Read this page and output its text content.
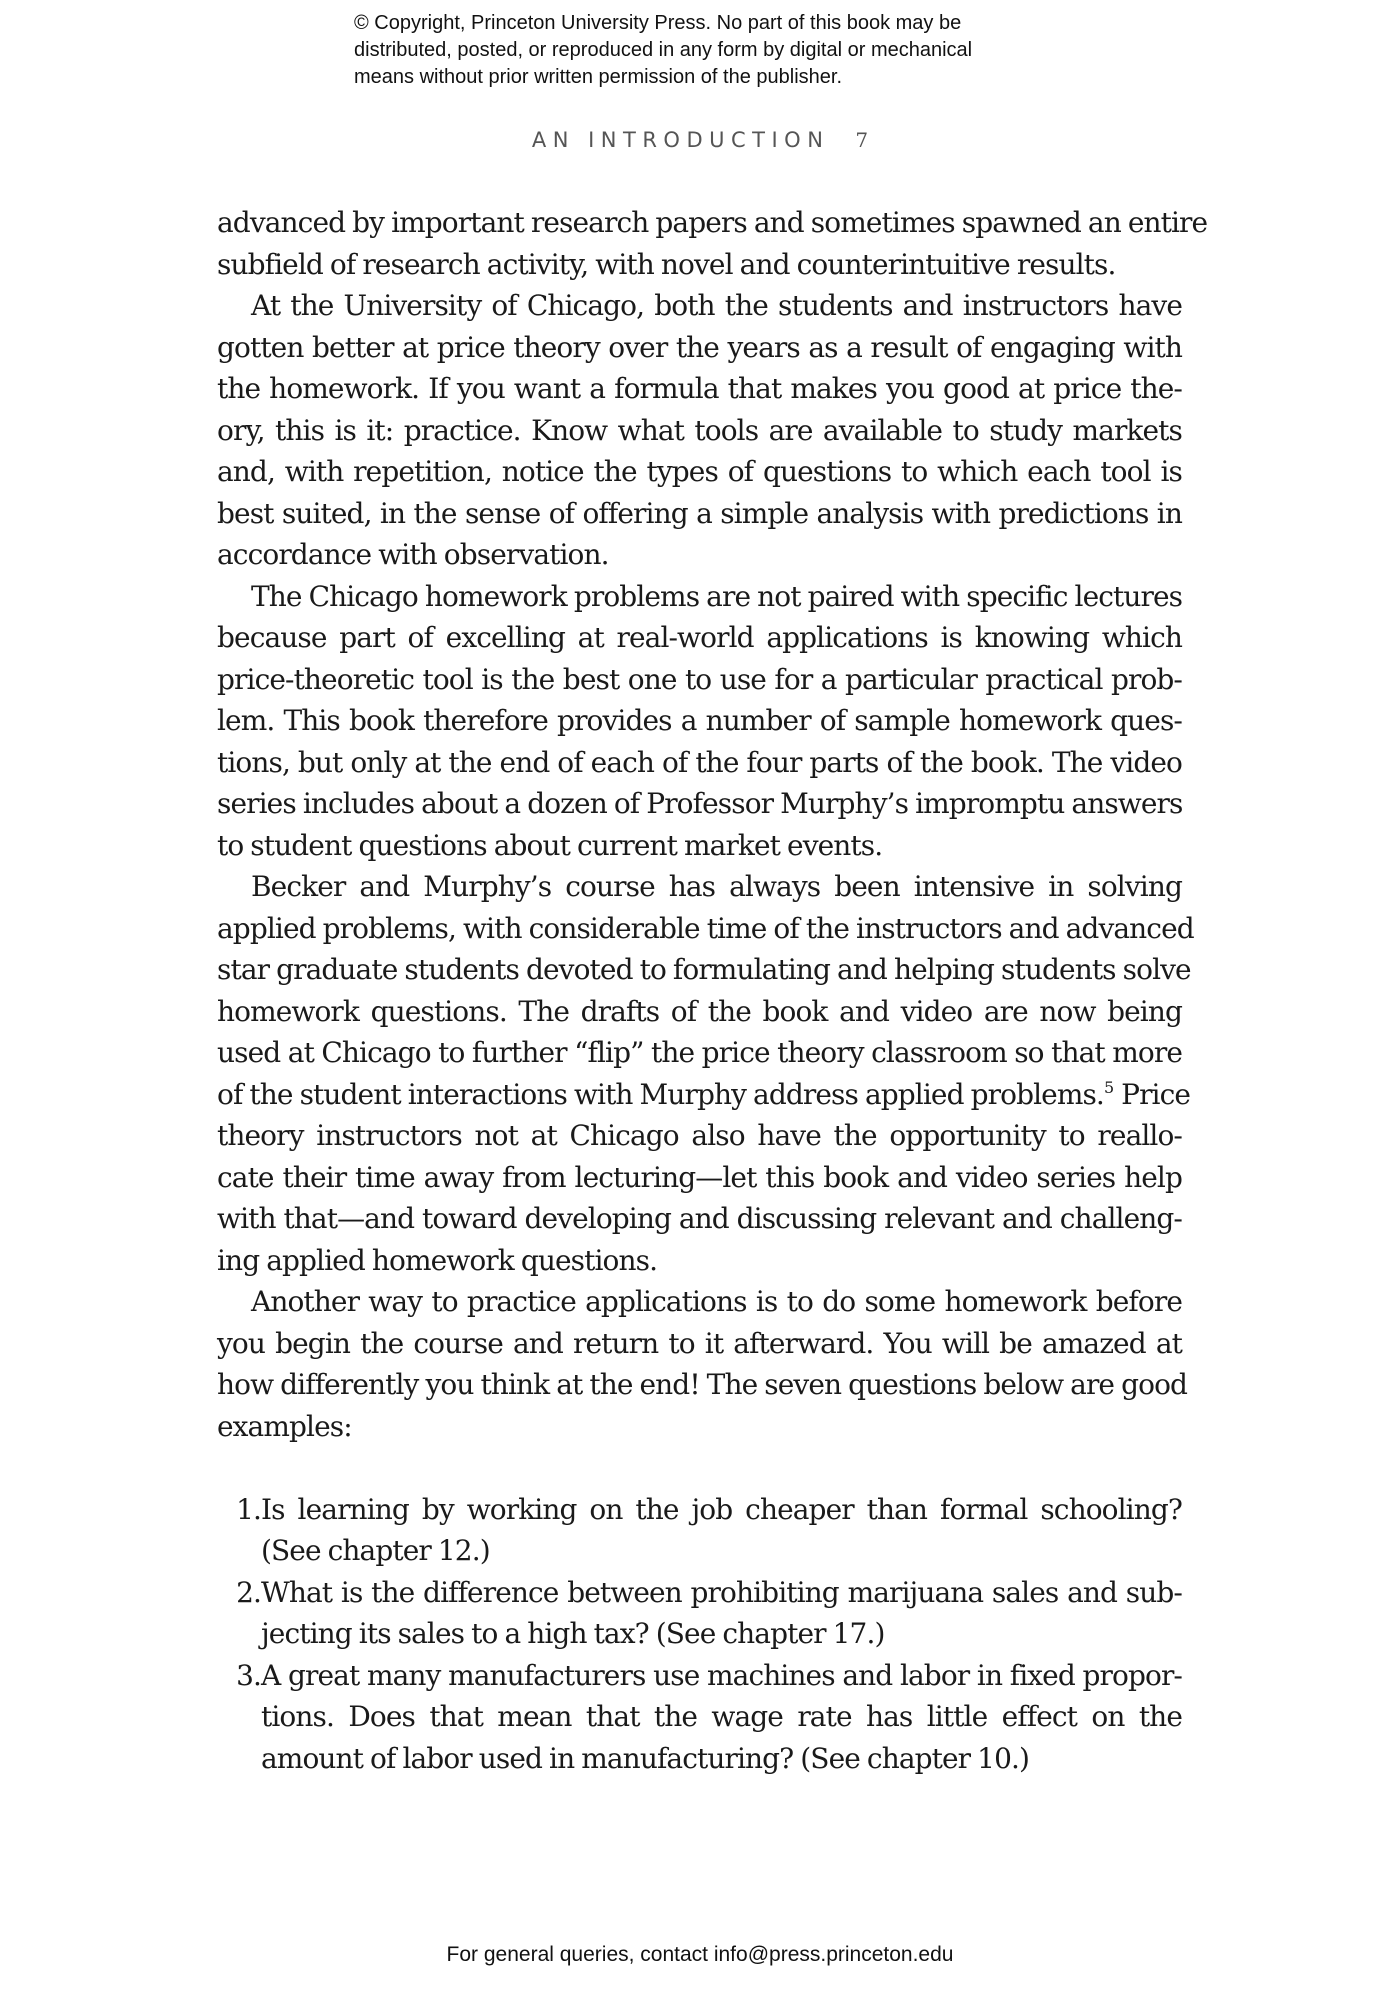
© Copyright, Princeton University Press. No part of this book may be
distributed, posted, or reproduced in any form by digital or mechanical
means without prior written permission of the publisher.
AN INTRODUCTION 7
advanced by important research papers and sometimes spawned an entire
subfield of research activity, with novel and counterintuitive results.
At the University of Chicago, both the students and instructors have
gotten better at price theory over the years as a result of engaging with
the homework. If you want a formula that makes you good at price the-
ory, this is it: practice. Know what tools are available to study markets
and, with repetition, notice the types of questions to which each tool is
best suited, in the sense of offering a simple analysis with predictions in
accordance with observation.
The Chicago homework problems are not paired with specific lectures
because part of excelling at real-world applications is knowing which
price-theoretic tool is the best one to use for a particular practical prob-
lem. This book therefore provides a number of sample homework ques-
tions, but only at the end of each of the four parts of the book. The video
series includes about a dozen of Professor Murphy’s impromptu answers
to student questions about current market events.
Becker and Murphy’s course has always been intensive in solving
applied problems, with considerable time of the instructors and advanced
star graduate students devoted to formulating and helping students solve
homework questions. The drafts of the book and video are now being
used at Chicago to further “flip” the price theory classroom so that more
of the student interactions with Murphy address applied problems.$^5$ Price
theory instructors not at Chicago also have the opportunity to reallo-
cate their time away from lecturing—let this book and video series help
with that—and toward developing and discussing relevant and challeng-
ing applied homework questions.
Another way to practice applications is to do some homework before
you begin the course and return to it afterward. You will be amazed at
how differently you think at the end! The seven questions below are good
examples:
1. Is learning by working on the job cheaper than formal schooling?
(See chapter 12.)
2. What is the difference between prohibiting marijuana sales and sub-
jecting its sales to a high tax? (See chapter 17.)
3. A great many manufacturers use machines and labor in fixed propor-
tions. Does that mean that the wage rate has little effect on the
amount of labor used in manufacturing? (See chapter 10.)
For general queries, contact info@press.princeton.edu
